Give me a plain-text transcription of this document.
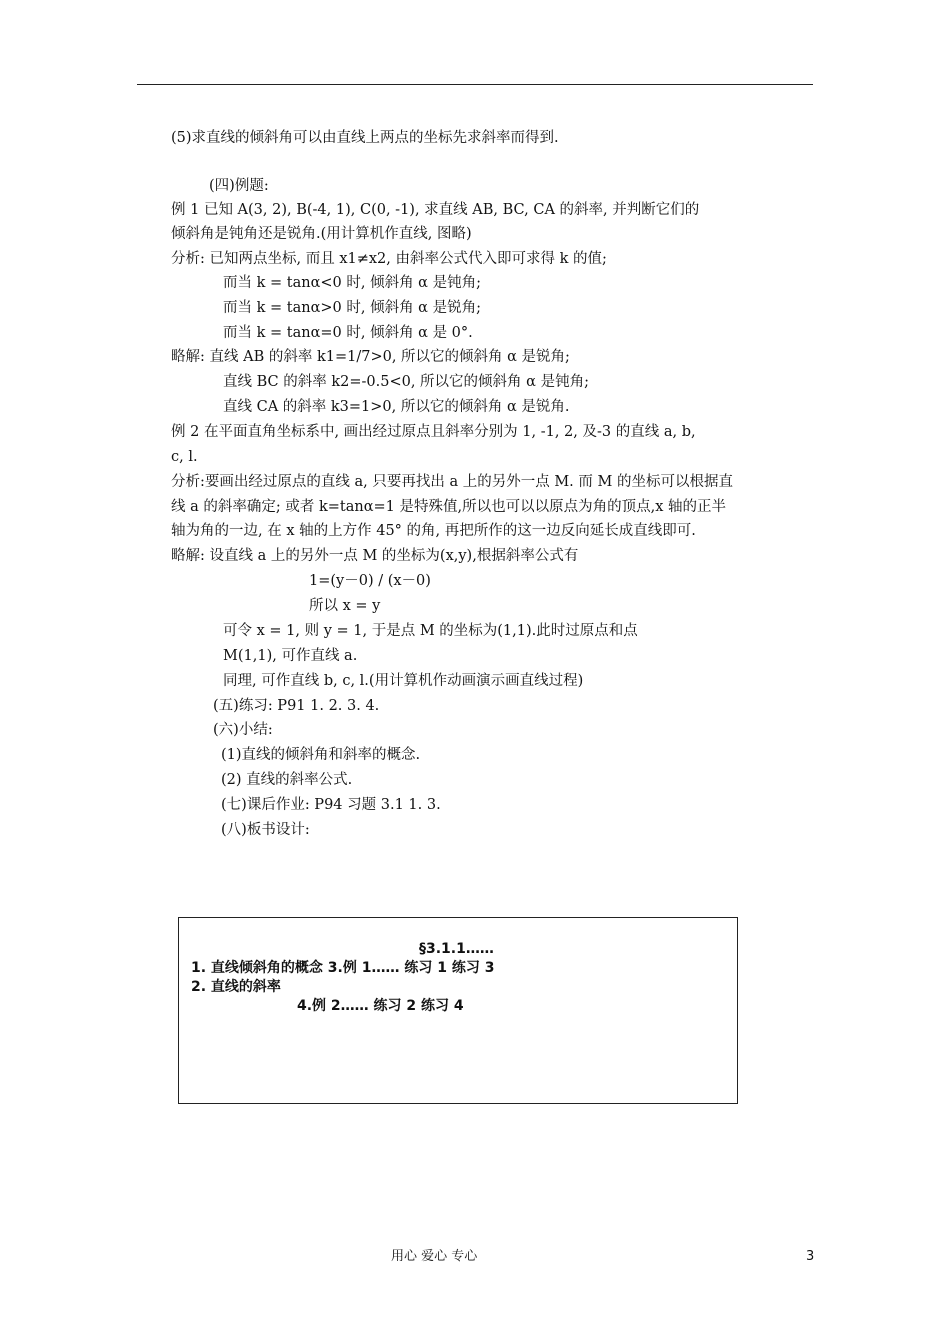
(5)求直线的倾斜角可以由直线上两点的坐标先求斜率而得到.
(四)例题:
例 1 已知 A(3, 2), B(-4, 1), C(0, -1), 求直线 AB, BC, CA 的斜率, 并判断它们的
倾斜角是钝角还是锐角.(用计算机作直线, 图略)
分析: 已知两点坐标, 而且 x1≠x2, 由斜率公式代入即可求得 k 的值;
而当 k = tanα<0 时, 倾斜角 α 是钝角;
而当 k = tanα>0 时, 倾斜角 α 是锐角;
而当 k = tanα=0 时, 倾斜角 α 是 0°.
略解: 直线 AB 的斜率 k1=1/7>0, 所以它的倾斜角 α 是锐角;
直线 BC 的斜率 k2=-0.5<0, 所以它的倾斜角 α 是钝角;
直线 CA 的斜率 k3=1>0, 所以它的倾斜角 α 是锐角.
例 2 在平面直角坐标系中, 画出经过原点且斜率分别为 1, -1, 2, 及-3 的直线 a, b,
c, l.
分析:要画出经过原点的直线 a, 只要再找出 a 上的另外一点 M. 而 M 的坐标可以根据直
线 a 的斜率确定; 或者 k=tanα=1 是特殊值,所以也可以以原点为角的顶点,x 轴的正半
轴为角的一边, 在 x 轴的上方作 45° 的角, 再把所作的这一边反向延长成直线即可.
略解: 设直线 a 上的另外一点 M 的坐标为(x,y),根据斜率公式有
1=(y－0) / (x－0)
所以 x = y
可令 x = 1, 则 y = 1, 于是点 M 的坐标为(1,1).此时过原点和点
M(1,1), 可作直线 a.
同理, 可作直线 b, c, l.(用计算机作动画演示画直线过程)
(五)练习: P91 1. 2. 3. 4.
(六)小结:
(1)直线的倾斜角和斜率的概念.
(2) 直线的斜率公式.
(七)课后作业: P94 习题 3.1 1. 3.
(八)板书设计:
§3.1.1……
1. 直线倾斜角的概念 3.例 1…… 练习 1 练习 3
2. 直线的斜率
4.例 2…… 练习 2 练习 4
用心 爱心 专心	3
